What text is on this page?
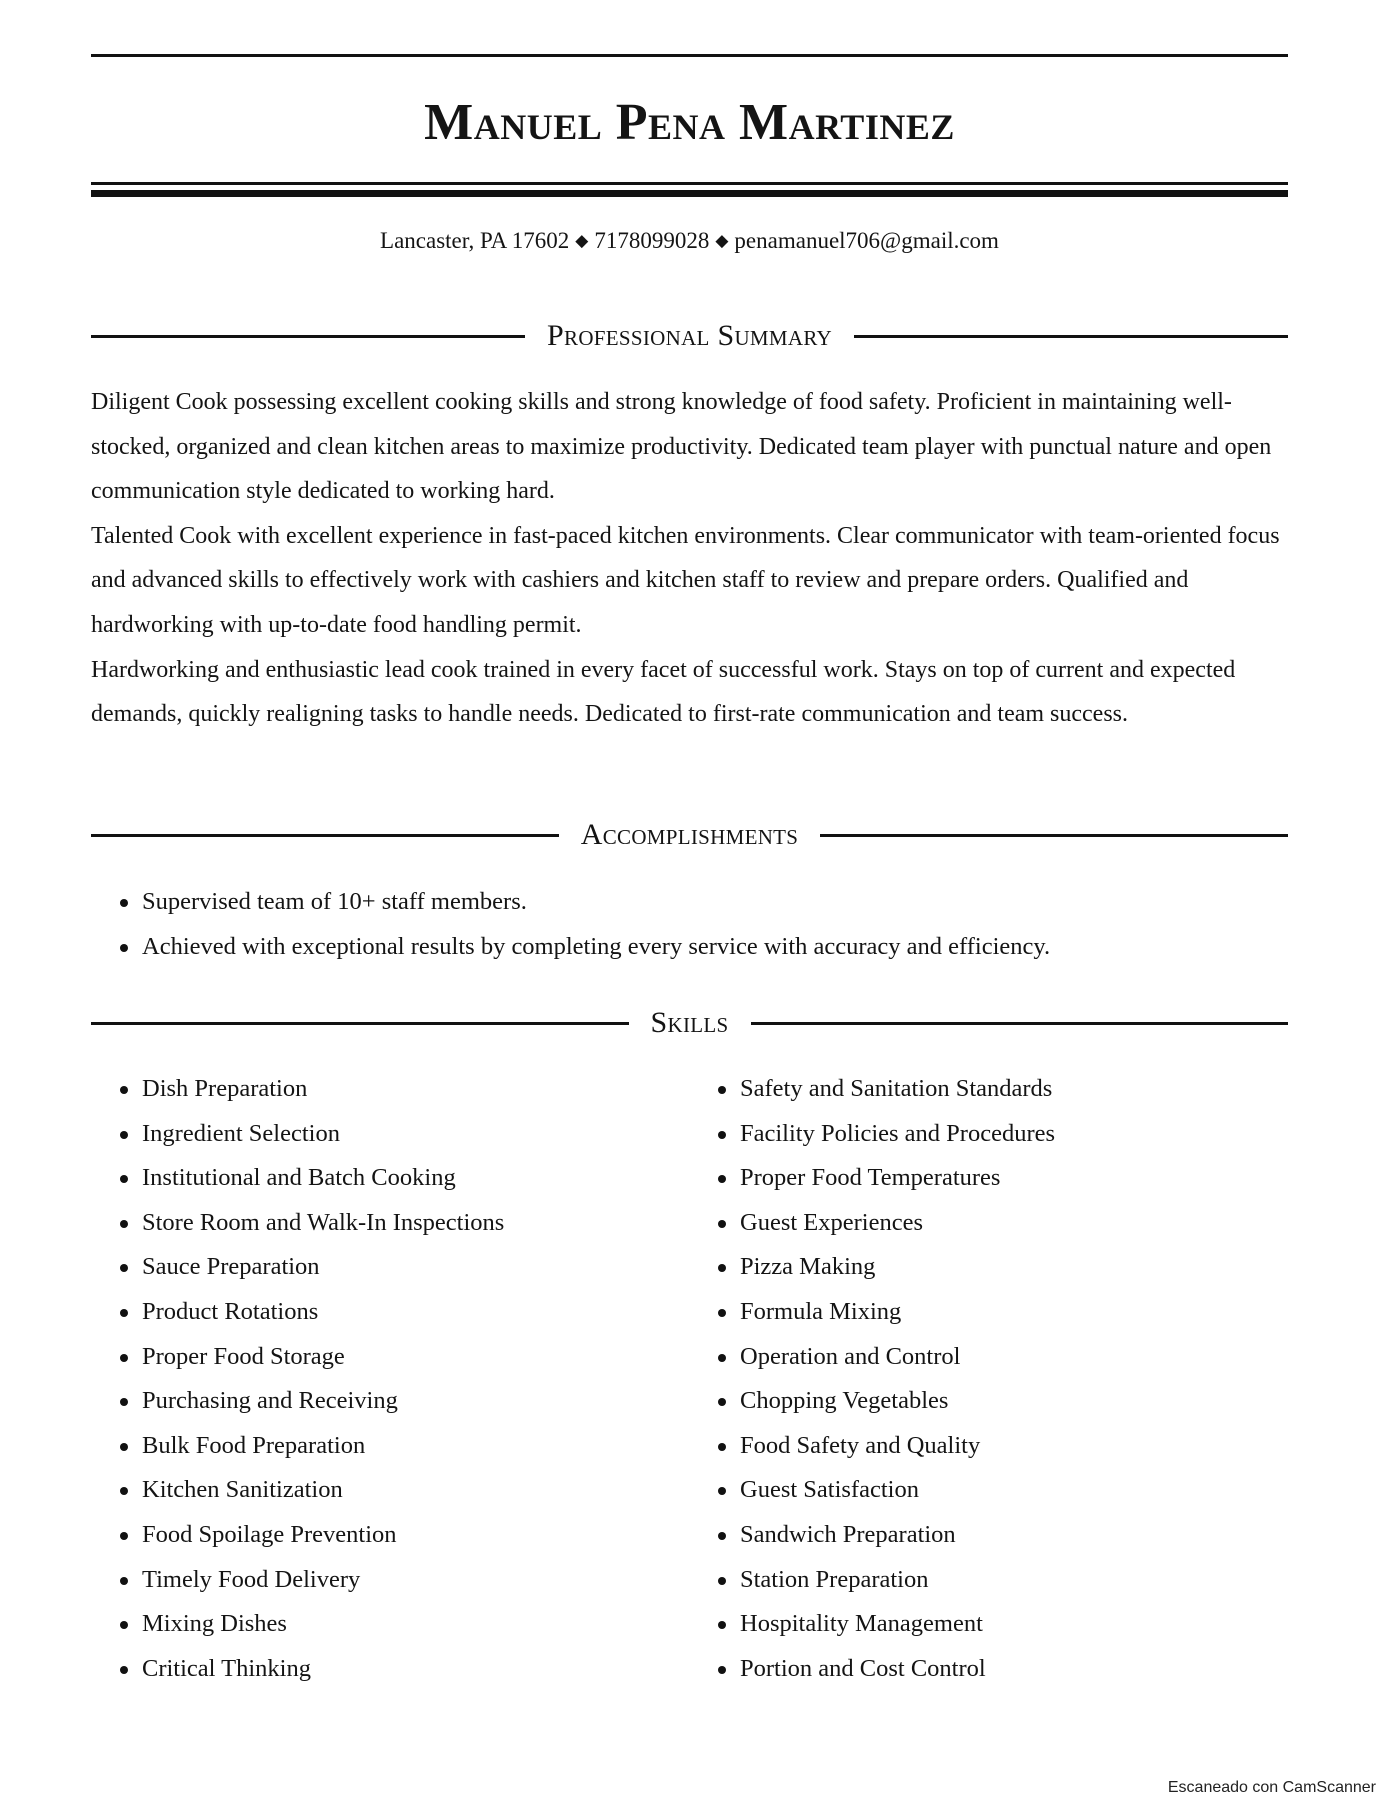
Manuel Pena Martinez
Lancaster, PA 17602 ◆ 7178099028 ◆ penamanuel706@gmail.com
Professional Summary

Diligent Cook possessing excellent cooking skills and strong knowledge of food safety. Proficient in maintaining well-stocked, organized and clean kitchen areas to maximize productivity. Dedicated team player with punctual nature and open communication style dedicated to working hard.

Talented Cook with excellent experience in fast-paced kitchen environments. Clear communicator with team-oriented focus and advanced skills to effectively work with cashiers and kitchen staff to review and prepare orders. Qualified and hardworking with up-to-date food handling permit.

Hardworking and enthusiastic lead cook trained in every facet of successful work. Stays on top of current and expected demands, quickly realigning tasks to handle needs. Dedicated to first-rate communication and team success.

Accomplishments
Supervised team of 10+ staff members.
Achieved with exceptional results by completing every service with accuracy and efficiency.
Skills
Dish Preparation
Ingredient Selection
Institutional and Batch Cooking
Store Room and Walk-In Inspections
Sauce Preparation
Product Rotations
Proper Food Storage
Purchasing and Receiving
Bulk Food Preparation
Kitchen Sanitization
Food Spoilage Prevention
Timely Food Delivery
Mixing Dishes
Critical Thinking
Safety and Sanitation Standards
Facility Policies and Procedures
Proper Food Temperatures
Guest Experiences
Pizza Making
Formula Mixing
Operation and Control
Chopping Vegetables
Food Safety and Quality
Guest Satisfaction
Sandwich Preparation
Station Preparation
Hospitality Management
Portion and Cost Control
Escaneado con CamScanner
